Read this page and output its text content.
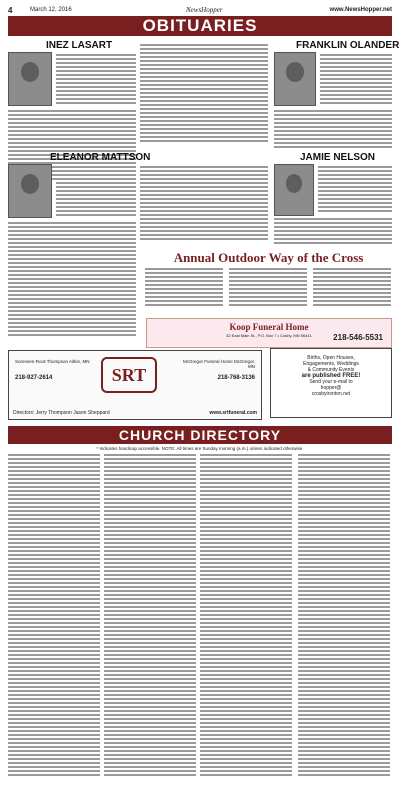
4	March 12, 2016	NewsHopper	www.NewsHopper.net
OBITUARIES
INEZ LASART	FRANKLIN OLANDER
ELEANOR MATTSON	JAMIE NELSON
Annual Outdoor Way of the Cross
Koop Funeral Home
32 East Main St., P.O. Box 7 • Cosby, MN 56441	218-546-5531
Sorensen-Root-Thompson Aitkin, MN
218-927-2614	SRT
McGregor Funeral Home McGregor, MN
218-768-3136
Directors: Jerry Thompson Jason Sheppard	www.srtfuneral.com
Births, Open Houses,
Engagements, Weddings
& Community Events
are published FREE!
Send your e-mail to
hopper@
crosbyironton.net
CHURCH DIRECTORY
* Indicates handicap accessible. NOTE: All times are Sunday morning (a.m.) unless indicated otherwise.
